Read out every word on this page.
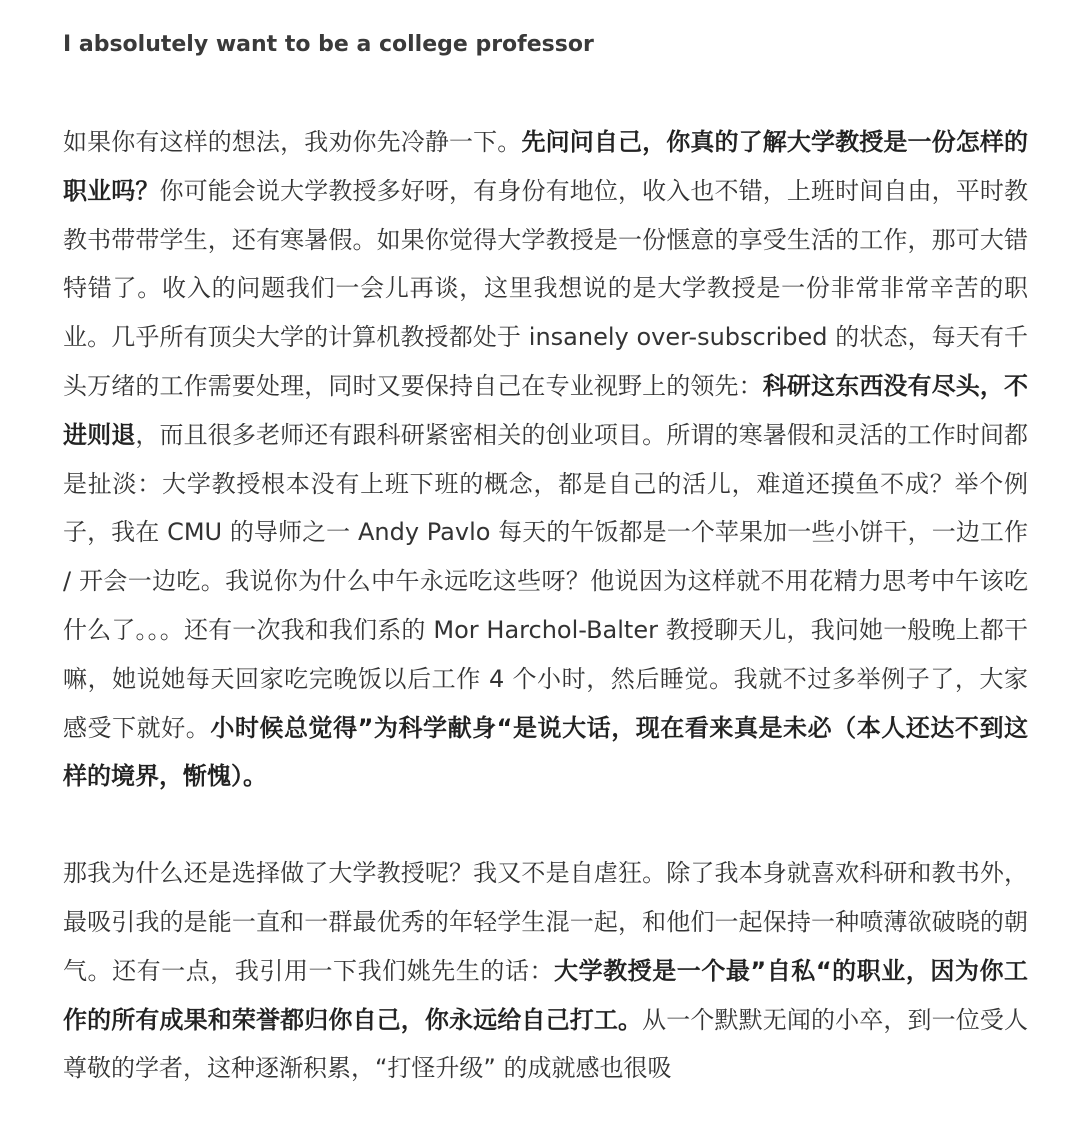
I absolutely want to be a college professor

如果你有这样的想法，我劝你先冷静一下。先问问自己，你真的了解大学教授是一份怎样的职业吗？你可能会说大学教授多好呀，有身份有地位，收入也不错，上班时间自由，平时教教书带带学生，还有寒暑假。如果你觉得大学教授是一份惬意的享受生活的工作，那可大错特错了。收入的问题我们一会儿再谈，这里我想说的是大学教授是一份非常非常辛苦的职业。几乎所有顶尖大学的计算机教授都处于 insanely over-subscribed 的状态，每天有千头万绪的工作需要处理，同时又要保持自己在专业视野上的领先：科研这东西没有尽头，不进则退，而且很多老师还有跟科研紧密相关的创业项目。所谓的寒暑假和灵活的工作时间都是扯淡：大学教授根本没有上班下班的概念，都是自己的活儿，难道还摸鱼不成？举个例子，我在 CMU 的导师之一 Andy Pavlo 每天的午饭都是一个苹果加一些小饼干，一边工作 / 开会一边吃。我说你为什么中午永远吃这些呀？他说因为这样就不用花精力思考中午该吃什么了。。。还有一次我和我们系的 Mor Harchol-Balter 教授聊天儿，我问她一般晚上都干嘛，她说她每天回家吃完晚饭以后工作 4 个小时，然后睡觉。我就不过多举例子了，大家感受下就好。小时候总觉得”为科学献身“是说大话，现在看来真是未必（本人还达不到这样的境界，惭愧）。

那我为什么还是选择做了大学教授呢？我又不是自虐狂。除了我本身就喜欢科研和教书外，最吸引我的是能一直和一群最优秀的年轻学生混一起，和他们一起保持一种喷薄欲破晓的朝气。还有一点，我引用一下我们姚先生的话：大学教授是一个最”自私“的职业，因为你工作的所有成果和荣誉都归你自己，你永远给自己打工。从一个默默无闻的小卒，到一位受人尊敬的学者，这种逐渐积累，“打怪升级” 的成就感也很吸
